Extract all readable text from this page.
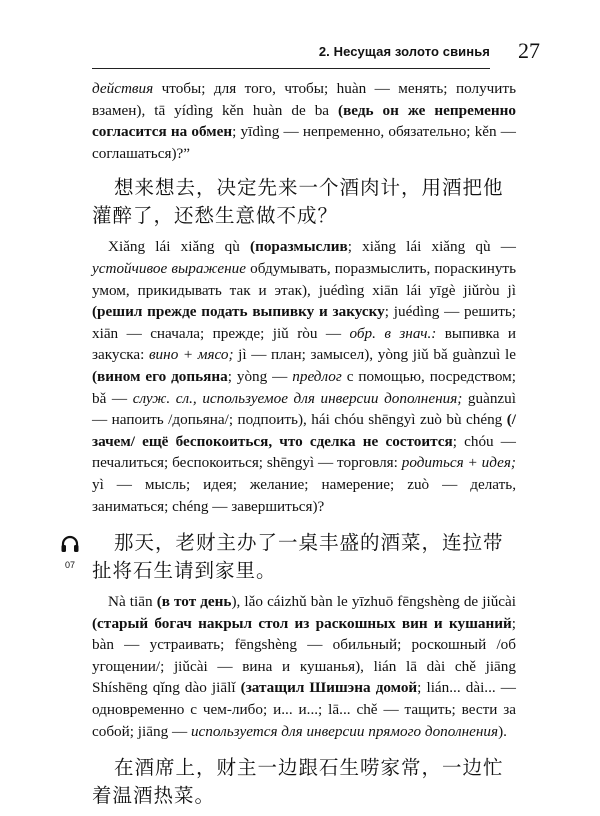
2. Несущая золото свинья 27

действия чтобы; для того, чтобы; huàn — менять; получить взамен), tā yídìng kěn huàn de ba (ведь он же непременно согласится на обмен; yīdìng — непременно, обязательно; kěn — соглашаться)?”

想来想去，决定先来一个酒肉计，用酒把他灌醉了，还愁生意做不成？

Xiǎng lái xiǎng qù (поразмыслив; xiǎng lái xiǎng qù — устойчивое выражение обдумывать, поразмыслить, пораскинуть умом, прикидывать так и этак), juédìng xiān lái yīgè jiǔròu jì (решил прежде подать выпивку и закуску; juédìng — решить; xiān — сначала; прежде; jiǔ ròu — обр. в знач.: выпивка и закуска: вино + мясо; jì — план; замысел), yòng jiǔ bǎ guànzuì le (вином его допьяна; yòng — предлог с помощью, посредством; bǎ — служ. сл., используемое для инверсии дополнения; guànzuì — напоить /допьяна/; подпоить), hái chóu shēngyì zuò bù chéng (/зачем/ ещё беспокоиться, что сделка не состоится; chóu — печалиться; беспокоиться; shēngyì — торговля: родиться + идея; yì — мысль; идея; желание; намерение; zuò — делать, заниматься; chéng — завершиться)?

07

那天，老财主办了一桌丰盛的酒菜，连拉带扯将石生请到家里。

Nà tiān (в тот день), lǎo cáizhǔ bàn le yīzhuō fēngshèng de jiǔcài (старый богач накрыл стол из раскошных вин и кушаний; bàn — устраивать; fēngshèng — обильный; роскошный /об угощении/; jiǔcài — вина и кушанья), lián lā dài chě jiāng Shíshēng qǐng dào jiālǐ (затащил Шишэна домой; lián... dài... — одновременно с чем-либо; и... и...; lā... chě — тащить; вести за собой; jiāng — используется для инверсии прямого дополнения).

在酒席上，财主一边跟石生唠家常，一边忙着温酒热菜。
